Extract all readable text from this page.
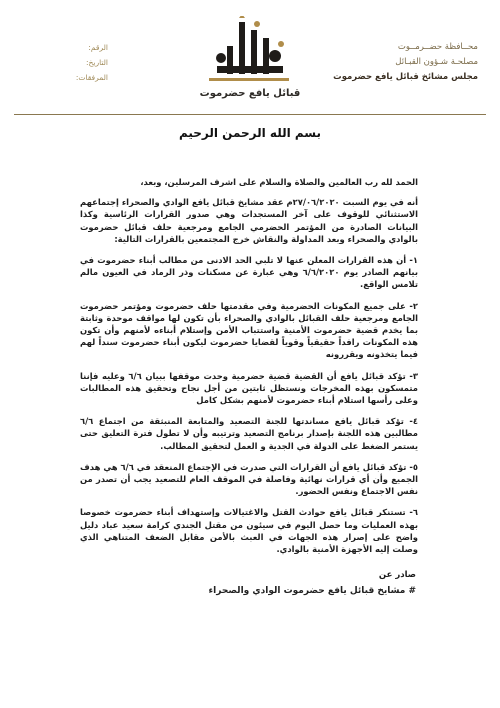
محــافظة حضــرمــوت
مصلحـة شـؤون القبـائل
مجلس مشائخ قبائل يافع حضرموت
قبائل يافع حضرموت
الرقم:
التاريخ:
المرفقات:
بسم الله الرحمن الرحيم
الحمد لله رب العالمين والصلاة والسلام على اشرف المرسلين، وبعد،
أنه في يوم السبت ٢٧/٠٦/٢٠٢٠م عقد مشايخ قبائل يافع الوادي والصحراء إجتماعهم الاستثنائي للوقوف على آخر المستجدات وهي صدور القرارات الرئاسية وكذا البيانات الصادرة من المؤتمر الحضرمي الجامع ومرجعية حلف قبائل حضرموت بالوادي والصحراء وبعد المداولة والنقاش خرج المجتمعين بالقرارات التالية:
١- أن هذه القرارات المعلن عنها لا تلبي الحد الادنى من مطالب أبناء حضرموت في بيانهم الصادر يوم ٦/٦/٢٠٢٠ وهي عبارة عن مسكنات وذر الرماد في العيون مالم تلامس الواقع.
٢- على جميع المكونات الحضرمية وفي مقدمتها حلف حضرموت ومؤتمر حضرموت الجامع ومرجعية حلف القبائل بالوادي والصحراء بأن تكون لها مواقف موحدة وثابتة بما يخدم قضية حضرموت الأمنية واستتباب الأمن وإستلام أبناءه لأمنهم وأن تكون هذه المكونات رافداً حقيقياً وقوياً لقضايا حضرموت ليكون أبناء حضرموت سنداً لهم فيما يتخذونه ويقررونه
٣- تؤكد قبائل يافع أن القضية قضية حضرمية وحدت موقفها ببيان ٦/٦ وعليه فإننا متمسكون بهذه المخرجات ونستظل ثابتين من أجل نجاح وتحقيق هذه المطالبات وعلى رأسها استلام أبناء حضرموت لأمنهم بشكل كامل
٤- تؤكد قبائل يافع مساندتها للجنة التصعيد والمتابعة المنبثقة من اجتماع ٦/٦ مطالبين هذه اللجنة بإصدار برنامج التصعيد وترتيبه وأن لا تطول فترة التعليق حتى يستمر الضغط على الدولة في الجدية و العمل لتحقيق المطالب.
٥- تؤكد قبائل يافع أن القرارات التي صدرت في الإجتماع المنعقد في ٦/٦ هي هدف الجميع وأن أي قرارات نهائية وفاصلة في الموقف العام للتصعيد يجب أن تصدر من نفس الاجتماع ونفس الحضور.
٦- تستنكر قبائل يافع حوادث القتل والاغتيالات وإستهداف أبناء حضرموت خصوصا بهذه العمليات وما حصل اليوم في سيئون من مقتل الجندي كرامة سعيد عباد دليل واضح على إصرار هذه الجهات في العبث بالأمن مقابل الضعف المتناهي الذي وصلت إليه الأجهزة الأمنية بالوادي.
صادر عن
# مشايخ قبائل يافع حضرموت الوادي والصحراء
